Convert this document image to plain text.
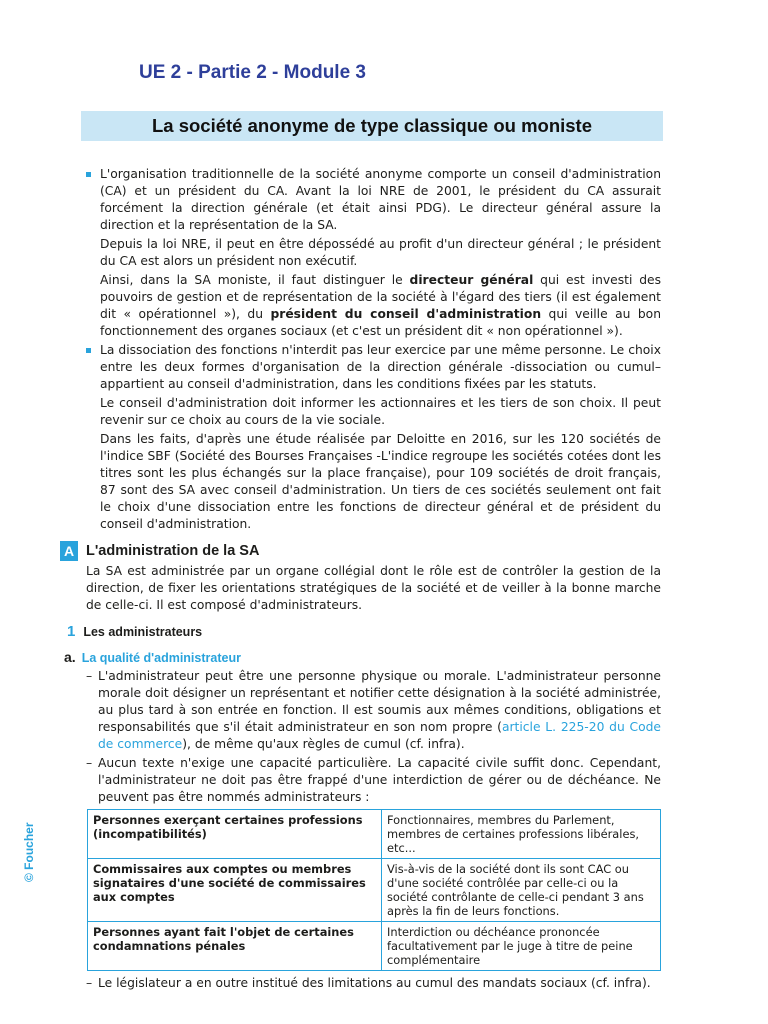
UE 2 - Partie 2 - Module 3
La société anonyme de type classique ou moniste

L'organisation traditionnelle de la société anonyme comporte un conseil d'administration (CA) et un président du CA. Avant la loi NRE de 2001, le président du CA assurait forcément la direction générale (et était ainsi PDG). Le directeur général assure la direction et la représentation de la SA.

Depuis la loi NRE, il peut en être dépossédé au profit d'un directeur général ; le président du CA est alors un président non exécutif.

Ainsi, dans la SA moniste, il faut distinguer le directeur général qui est investi des pouvoirs de gestion et de représentation de la société à l'égard des tiers (il est également dit « opérationnel »), du président du conseil d'administration qui veille au bon fonctionnement des organes sociaux (et c'est un président dit « non opérationnel »).

La dissociation des fonctions n'interdit pas leur exercice par une même personne. Le choix entre les deux formes d'organisation de la direction générale -dissociation ou cumul– appartient au conseil d'administration, dans les conditions fixées par les statuts.

Le conseil d'administration doit informer les actionnaires et les tiers de son choix. Il peut revenir sur ce choix au cours de la vie sociale.

Dans les faits, d'après une étude réalisée par Deloitte en 2016, sur les 120 sociétés de l'indice SBF (Société des Bourses Françaises -L'indice regroupe les sociétés cotées dont les titres sont les plus échangés sur la place française), pour 109 sociétés de droit français, 87 sont des SA avec conseil d'administration. Un tiers de ces sociétés seulement ont fait le choix d'une dissociation entre les fonctions de directeur général et de président du conseil d'administration.

A L'administration de la SA

La SA est administrée par un organe collégial dont le rôle est de contrôler la gestion de la direction, de fixer les orientations stratégiques de la société et de veiller à la bonne marche de celle-ci. Il est composé d'administrateurs.

1 Les administrateurs
a. La qualité d'administrateur

– L'administrateur peut être une personne physique ou morale. L'administrateur personne morale doit désigner un représentant et notifier cette désignation à la société administrée, au plus tard à son entrée en fonction. Il est soumis aux mêmes conditions, obligations et responsabilités que s'il était administrateur en son nom propre (article L. 225-20 du Code de commerce), de même qu'aux règles de cumul (cf. infra).

– Aucun texte n'exige une capacité particulière. La capacité civile suffit donc. Cependant, l'administrateur ne doit pas être frappé d'une interdiction de gérer ou de déchéance. Ne peuvent pas être nommés administrateurs :

Personnes exerçant certaines professions (incompatibilités)	Fonctionnaires, membres du Parlement, membres de certaines professions libérales, etc...
Commissaires aux comptes ou membres signataires d'une société de commissaires aux comptes	Vis-à-vis de la société dont ils sont CAC ou d'une société contrôlée par celle-ci ou la société contrôlante de celle-ci pendant 3 ans après la fin de leurs fonctions.
Personnes ayant fait l'objet de certaines condamnations pénales	Interdiction ou déchéance prononcée facultativement par le juge à titre de peine complémentaire

– Le législateur a en outre institué des limitations au cumul des mandats sociaux (cf. infra).

© Foucher
